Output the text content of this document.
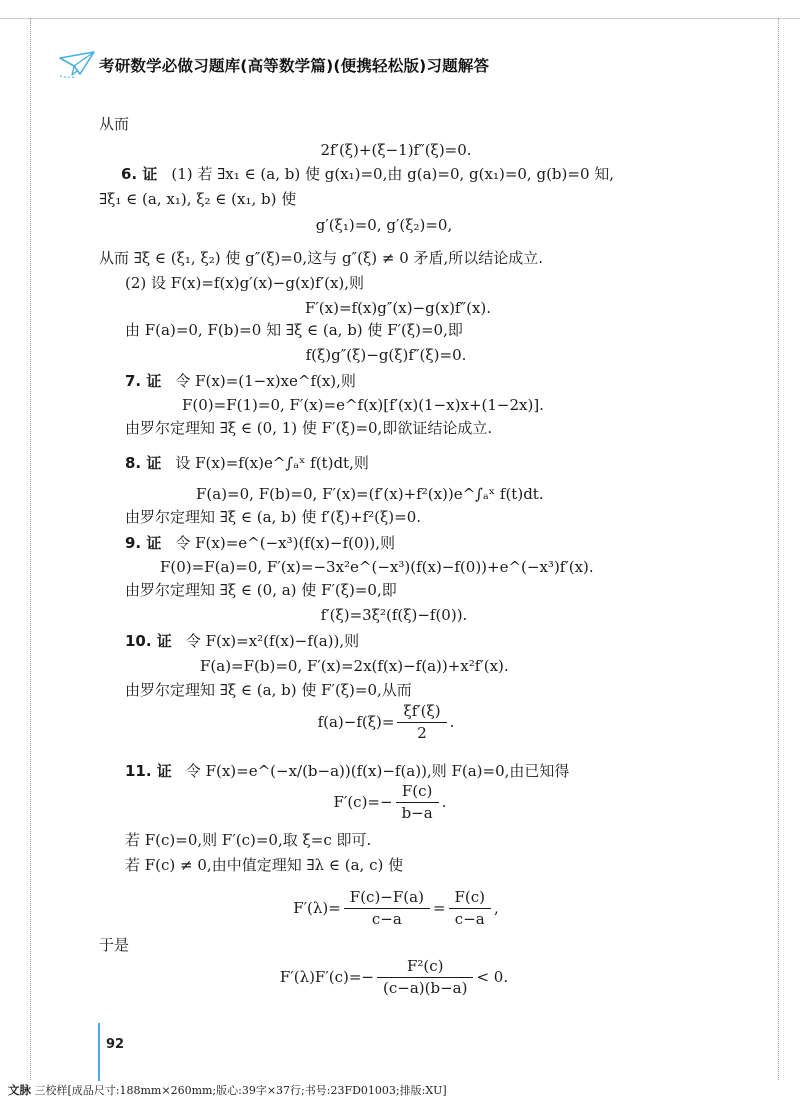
考研数学必做习题库(高等数学篇)(便携轻松版)习题解答
从而
2f′(ξ)+(ξ−1)f″(ξ)=0.
6. 证 (1) 若 ∃x₁ ∈ (a, b) 使 g(x₁)=0,由 g(a)=0, g(x₁)=0, g(b)=0 知,
∃ξ₁ ∈ (a, x₁), ξ₂ ∈ (x₁, b) 使
g′(ξ₁)=0, g′(ξ₂)=0,
从而 ∃ξ ∈ (ξ₁, ξ₂) 使 g″(ξ)=0,这与 g″(ξ) ≠ 0 矛盾,所以结论成立.
(2) 设 F(x)=f(x)g′(x)−g(x)f′(x),则
F′(x)=f(x)g″(x)−g(x)f″(x).
由 F(a)=0, F(b)=0 知 ∃ξ ∈ (a, b) 使 F′(ξ)=0,即
f(ξ)g″(ξ)−g(ξ)f″(ξ)=0.
7. 证 令 F(x)=(1−x)xe^f(x),则
F(0)=F(1)=0, F′(x)=e^f(x)[f′(x)(1−x)x+(1−2x)].
由罗尔定理知 ∃ξ ∈ (0, 1) 使 F′(ξ)=0,即欲证结论成立.
8. 证 设 F(x)=f(x)e^∫ₐˣ f(t)dt,则
F(a)=0, F(b)=0, F′(x)=(f′(x)+f²(x))e^∫ₐˣ f(t)dt.
由罗尔定理知 ∃ξ ∈ (a, b) 使 f′(ξ)+f²(ξ)=0.
9. 证 令 F(x)=e^(−x³)(f(x)−f(0)),则
F(0)=F(a)=0, F′(x)=−3x²e^(−x³)(f(x)−f(0))+e^(−x³)f′(x).
由罗尔定理知 ∃ξ ∈ (0, a) 使 F′(ξ)=0,即
f′(ξ)=3ξ²(f(ξ)−f(0)).
10. 证 令 F(x)=x²(f(x)−f(a)),则
F(a)=F(b)=0, F′(x)=2x(f(x)−f(a))+x²f′(x).
由罗尔定理知 ∃ξ ∈ (a, b) 使 F′(ξ)=0,从而
$f(a)-f(\xi)= \frac{\xi f'(\xi)}{2}$ .
11. 证 令 F(x)=e^(−x/(b−a))(f(x)−f(a)),则 F(a)=0,由已知得
$F'(c)=- \frac{F(c)}{b-a}$ .
若 F(c)=0,则 F′(c)=0,取 ξ=c 即可.
若 F(c) ≠ 0,由中值定理知 ∃λ ∈ (a, c) 使
$F'(\lambda)= \frac{F(c)-F(a)}{c-a} = \frac{F(c)}{c-a}$ ,
于是
$F'(\lambda)F'(c)=- \frac{\text{F²(c)}}{(c-a)(b-a)} < 0$.
92
文脉 三校样[成品尺寸:188mm×260mm;版心:39字×37行;书号:23FD01003;排版:XU]
